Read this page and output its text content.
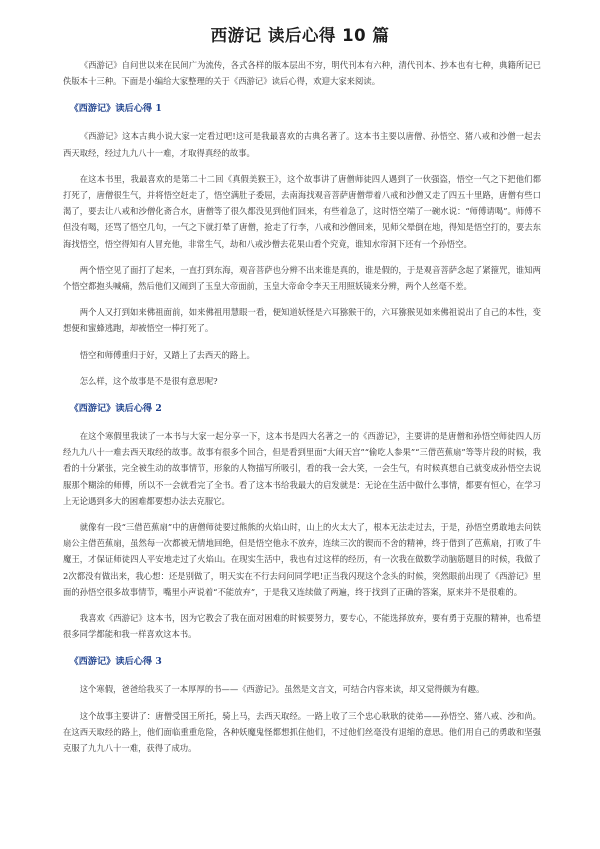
西游记 读后心得 10 篇

《西游记》自问世以来在民间广为流传，各式各样的版本层出不穷，明代刊本有六种，清代刊本、抄本也有七种，典籍所记已佚版本十三种。下面是小编给大家整理的关于《西游记》读后心得，欢迎大家来阅读。

《西游记》读后心得 1

《西游记》这本古典小说大家一定看过吧!这可是我最喜欢的古典名著了。这本书主要以唐僧、孙悟空、猪八戒和沙僧一起去西天取经，经过九九八十一难，才取得真经的故事。

在这本书里，我最喜欢的是第二十二回《真假美猴王》，这个故事讲了唐僧师徒四人遇到了一伙强盗，悟空一气之下把他们都打死了，唐僧很生气，并将悟空赶走了，悟空满肚子委屈，去南海找观音菩萨唐僧带着八戒和沙僧又走了四五十里路，唐僧有些口渴了，要去让八戒和沙僧化斋合水，唐僧等了很久都没见到他们回来，有些着急了，这时悟空端了一碗水说：“师傅请喝”。师傅不但没有喝，还骂了悟空几句，一气之下就打晕了唐僧，抢走了行李，八戒和沙僧回来，见师父晕倒在地，得知是悟空打的，要去东海找悟空，悟空得知有人冒充他，非常生气，劫和八戒沙僧去花果山看个究竟，谁知水帘洞下还有一个孙悟空。

两个悟空见了面打了起来，一直打到东海，观音菩萨也分辨不出来谁是真的，谁是假的，于是观音菩萨念起了紧箍咒，谁知两个悟空都抱头喊痛，然后他们又闹到了玉皇大帝面前，玉皇大帝命令李天王用照妖镜来分辨，两个人丝毫不差。

两个人又打到如来佛祖面前，如来佛祖用慧眼一看，便知道妖怪是六耳猕猴干的，六耳猕猴见如来佛祖说出了自己的本性，变想便和蜜蜂逃跑，却被悟空一棒打死了。

悟空和师傅重归于好，又踏上了去西天的路上。

怎么样，这个故事是不是很有意思呢?

《西游记》读后心得 2

在这个寒假里我读了一本书与大家一起分享一下，这本书是四大名著之一的《西游记》，主要讲的是唐僧和孙悟空师徒四人历经九九八十一难去西天取经的故事。故事有很多个回合，但是看到里面“大闹天宫”“偷吃人参果”“三借芭蕉扇”等等片段的时候，我看的十分紧张，完全被生动的故事情节，形象的人物描写所吸引，看的我一会大笑，一会生气，有时候真想自己就变成孙悟空去说服那个糊涂的师傅，所以不一会就看完了全书。看了这本书给我最大的启发就是：无论在生活中做什么事情，都要有恒心，在学习上无论遇到多大的困难都要想办法去克服它。

就像有一段“三借芭蕉扇”中的唐僧师徒要过熊熊的火焰山时，山上的火太大了，根本无法走过去，于是，孙悟空勇敢地去问铁扇公主借芭蕉扇，虽然每一次都被无情地回绝，但是悟空他永不放弃，连续三次的锲而不舍的精神，终于借到了芭蕉扇，打败了牛魔王，才保证师徒四人平安地走过了火焰山。在现实生活中，我也有过这样的经历，有一次我在做数学动脑筋题目的时候，我做了2次都没有做出来，我心想：还是别做了，明天实在不行去问问同学吧!正当我闪现这个念头的时候，突然眼前出现了《西游记》里面的孙悟空很多故事情节，嘴里小声说着“不能放弃”，于是我又连续做了两遍，终于找到了正确的答案，原来并不是很难的。

我喜欢《西游记》这本书，因为它教会了我在面对困难的时候要努力，要专心，不能选择放弃，要有勇于克服的精神，也希望很多同学都能和我一样喜欢这本书。

《西游记》读后心得 3

这个寒假，爸爸给我买了一本厚厚的书——《西游记》。虽然是文言文，可结合内容来读，却又觉得颇为有趣。

这个故事主要讲了：唐僧受国王所托，骑上马，去西天取经。一路上收了三个忠心耿耿的徒弟——孙悟空、猪八戒、沙和尚。在这西天取经的路上，他们面临重重危险，各种妖魔鬼怪都想抓住他们，不过他们丝毫没有退缩的意思。他们用自己的勇敢和坚强克服了九九八十一难，获得了成功。
